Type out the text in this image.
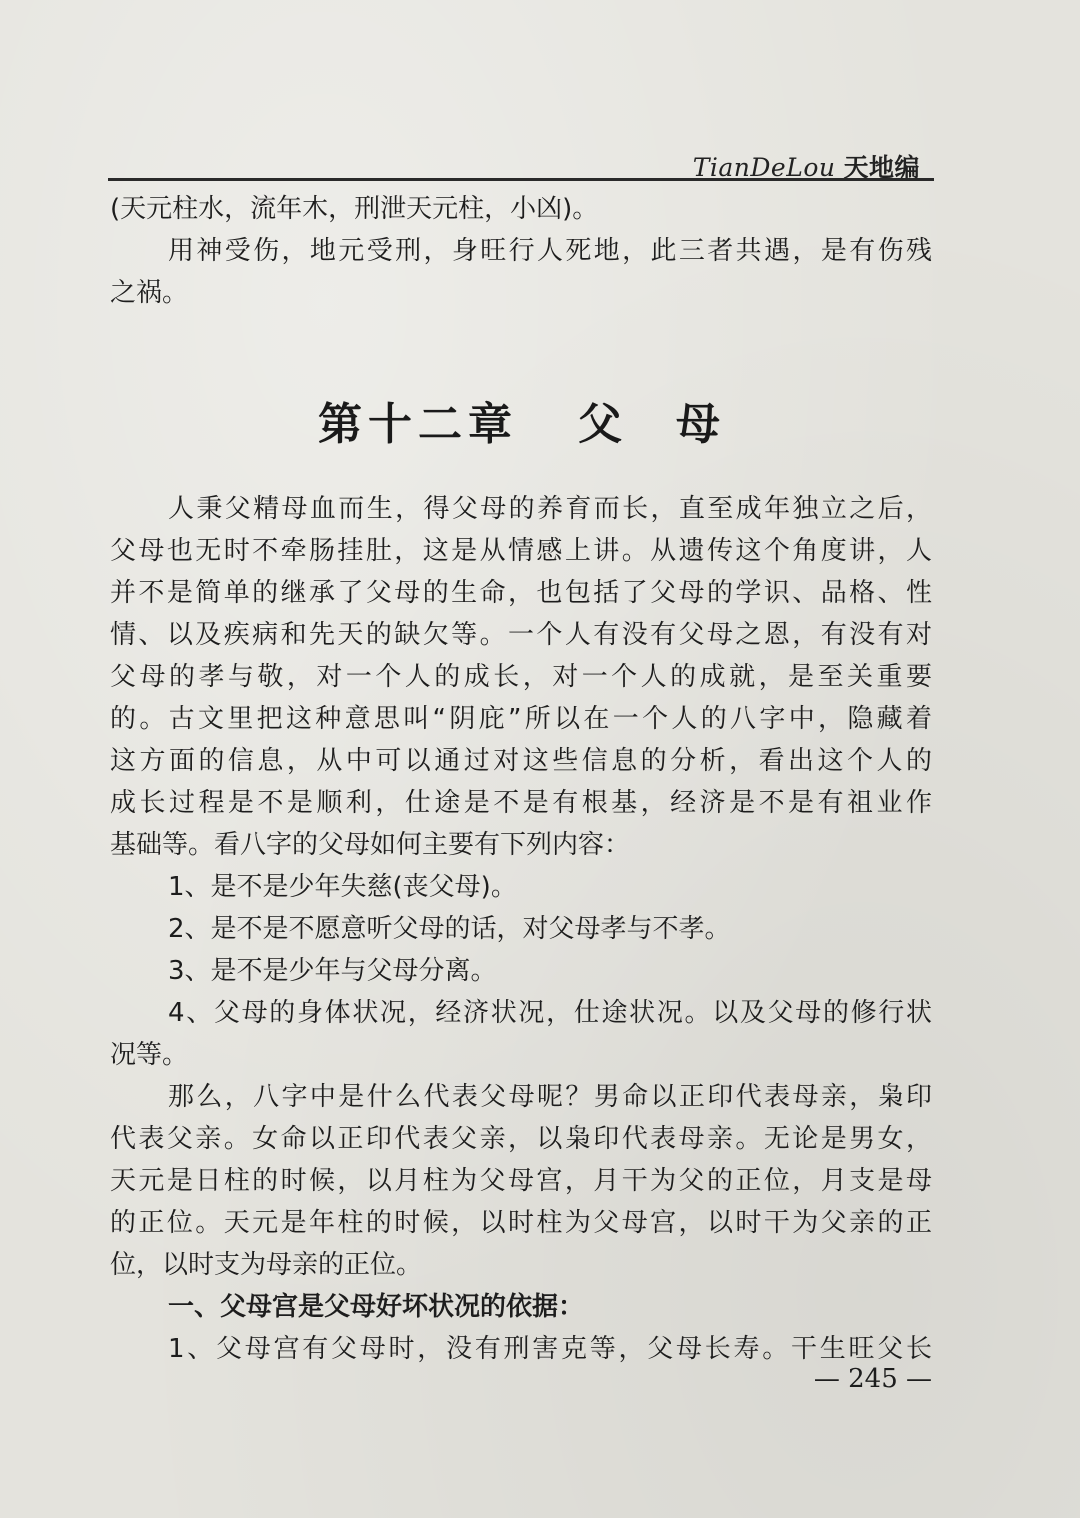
TianDeLou 天地编
(天元柱水，流年木，刑泄天元柱，小凶)。
用神受伤，地元受刑，身旺行人死地，此三者共遇，是有伤残
之祸。
第十二章 父 母
人秉父精母血而生，得父母的养育而长，直至成年独立之后，
父母也无时不牵肠挂肚，这是从情感上讲。从遗传这个角度讲，人
并不是简单的继承了父母的生命，也包括了父母的学识、品格、性
情、以及疾病和先天的缺欠等。一个人有没有父母之恩，有没有对
父母的孝与敬，对一个人的成长，对一个人的成就，是至关重要
的。古文里把这种意思叫“阴庇”所以在一个人的八字中，隐藏着
这方面的信息，从中可以通过对这些信息的分析，看出这个人的
成长过程是不是顺利，仕途是不是有根基，经济是不是有祖业作
基础等。看八字的父母如何主要有下列内容：
1、是不是少年失慈(丧父母)。
2、是不是不愿意听父母的话，对父母孝与不孝。
3、是不是少年与父母分离。
4、父母的身体状况，经济状况，仕途状况。以及父母的修行状
况等。
那么，八字中是什么代表父母呢？男命以正印代表母亲，枭印
代表父亲。女命以正印代表父亲，以枭印代表母亲。无论是男女，
天元是日柱的时候，以月柱为父母宫，月干为父的正位，月支是母
的正位。天元是年柱的时候，以时柱为父母宫，以时干为父亲的正
位，以时支为母亲的正位。
一、父母宫是父母好坏状况的依据：
1、父母宫有父母时，没有刑害克等，父母长寿。干生旺父长
— 245 —
